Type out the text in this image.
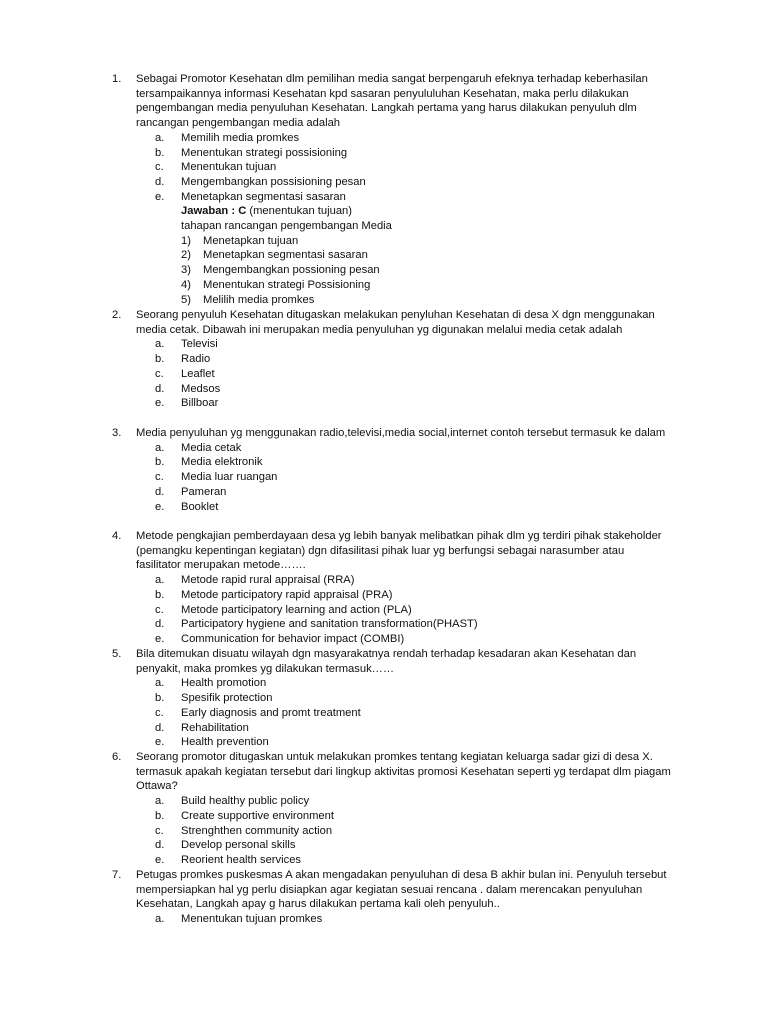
1.	Sebagai Promotor Kesehatan dlm pemilihan media sangat berpengaruh efeknya terhadap keberhasilan tersampaikannya informasi Kesehatan kpd sasaran penyululuhan Kesehatan, maka perlu dilakukan pengembangan media penyuluhan Kesehatan. Langkah pertama yang harus dilakukan penyuluh dlm rancangan pengembangan media adalah
a.	Memilih media promkes
b.	Menentukan strategi possisioning
c.	Menentukan tujuan
d.	Mengembangkan possisioning pesan
e.	Menetapkan segmentasi sasaran
Jawaban : C (menentukan tujuan)
tahapan rancangan pengembangan Media
1) Menetapkan tujuan
2) Menetapkan segmentasi sasaran
3) Mengembangkan possioning pesan
4) Menentukan strategi Possisioning
5) Melilih media promkes
2.	Seorang penyuluh Kesehatan ditugaskan melakukan penyluhan Kesehatan di desa X dgn menggunakan media cetak. Dibawah ini merupakan media penyuluhan yg digunakan melalui media cetak adalah
a.	Televisi
b.	Radio
c.	Leaflet
d.	Medsos
e.	Billboar
3.	Media penyuluhan yg menggunakan radio,televisi,media social,internet contoh tersebut termasuk ke dalam
a.	Media cetak
b.	Media elektronik
c.	Media luar ruangan
d.	Pameran
e.	Booklet
4.	Metode pengkajian pemberdayaan desa yg lebih banyak melibatkan pihak dlm yg terdiri pihak stakeholder (pemangku kepentingan kegiatan) dgn difasilitasi pihak luar yg berfungsi sebagai narasumber atau fasilitator merupakan metode…….
a.	Metode rapid rural appraisal (RRA)
b.	Metode participatory rapid appraisal (PRA)
c.	Metode participatory learning and action (PLA)
d.	Participatory hygiene and sanitation transformation(PHAST)
e.	Communication for behavior impact (COMBI)
5.	Bila ditemukan disuatu wilayah dgn masyarakatnya rendah terhadap kesadaran akan Kesehatan dan penyakit, maka promkes yg dilakukan termasuk……
a.	Health promotion
b.	Spesifik protection
c.	Early diagnosis and promt treatment
d.	Rehabilitation
e.	Health prevention
6.	Seorang promotor ditugaskan untuk melakukan promkes tentang kegiatan keluarga sadar gizi di desa X. termasuk apakah kegiatan tersebut dari lingkup aktivitas promosi Kesehatan seperti yg terdapat dlm piagam Ottawa?
a.	Build healthy public policy
b.	Create supportive environment
c.	Strenghthen community action
d.	Develop personal skills
e.	Reorient health services
7.	Petugas promkes puskesmas A akan mengadakan penyuluhan di desa B akhir bulan ini. Penyuluh tersebut mempersiapkan hal yg perlu disiapkan agar kegiatan sesuai rencana . dalam merencakan penyuluhan Kesehatan, Langkah apay g harus dilakukan pertama kali oleh penyuluh..
a.	Menentukan tujuan promkes
